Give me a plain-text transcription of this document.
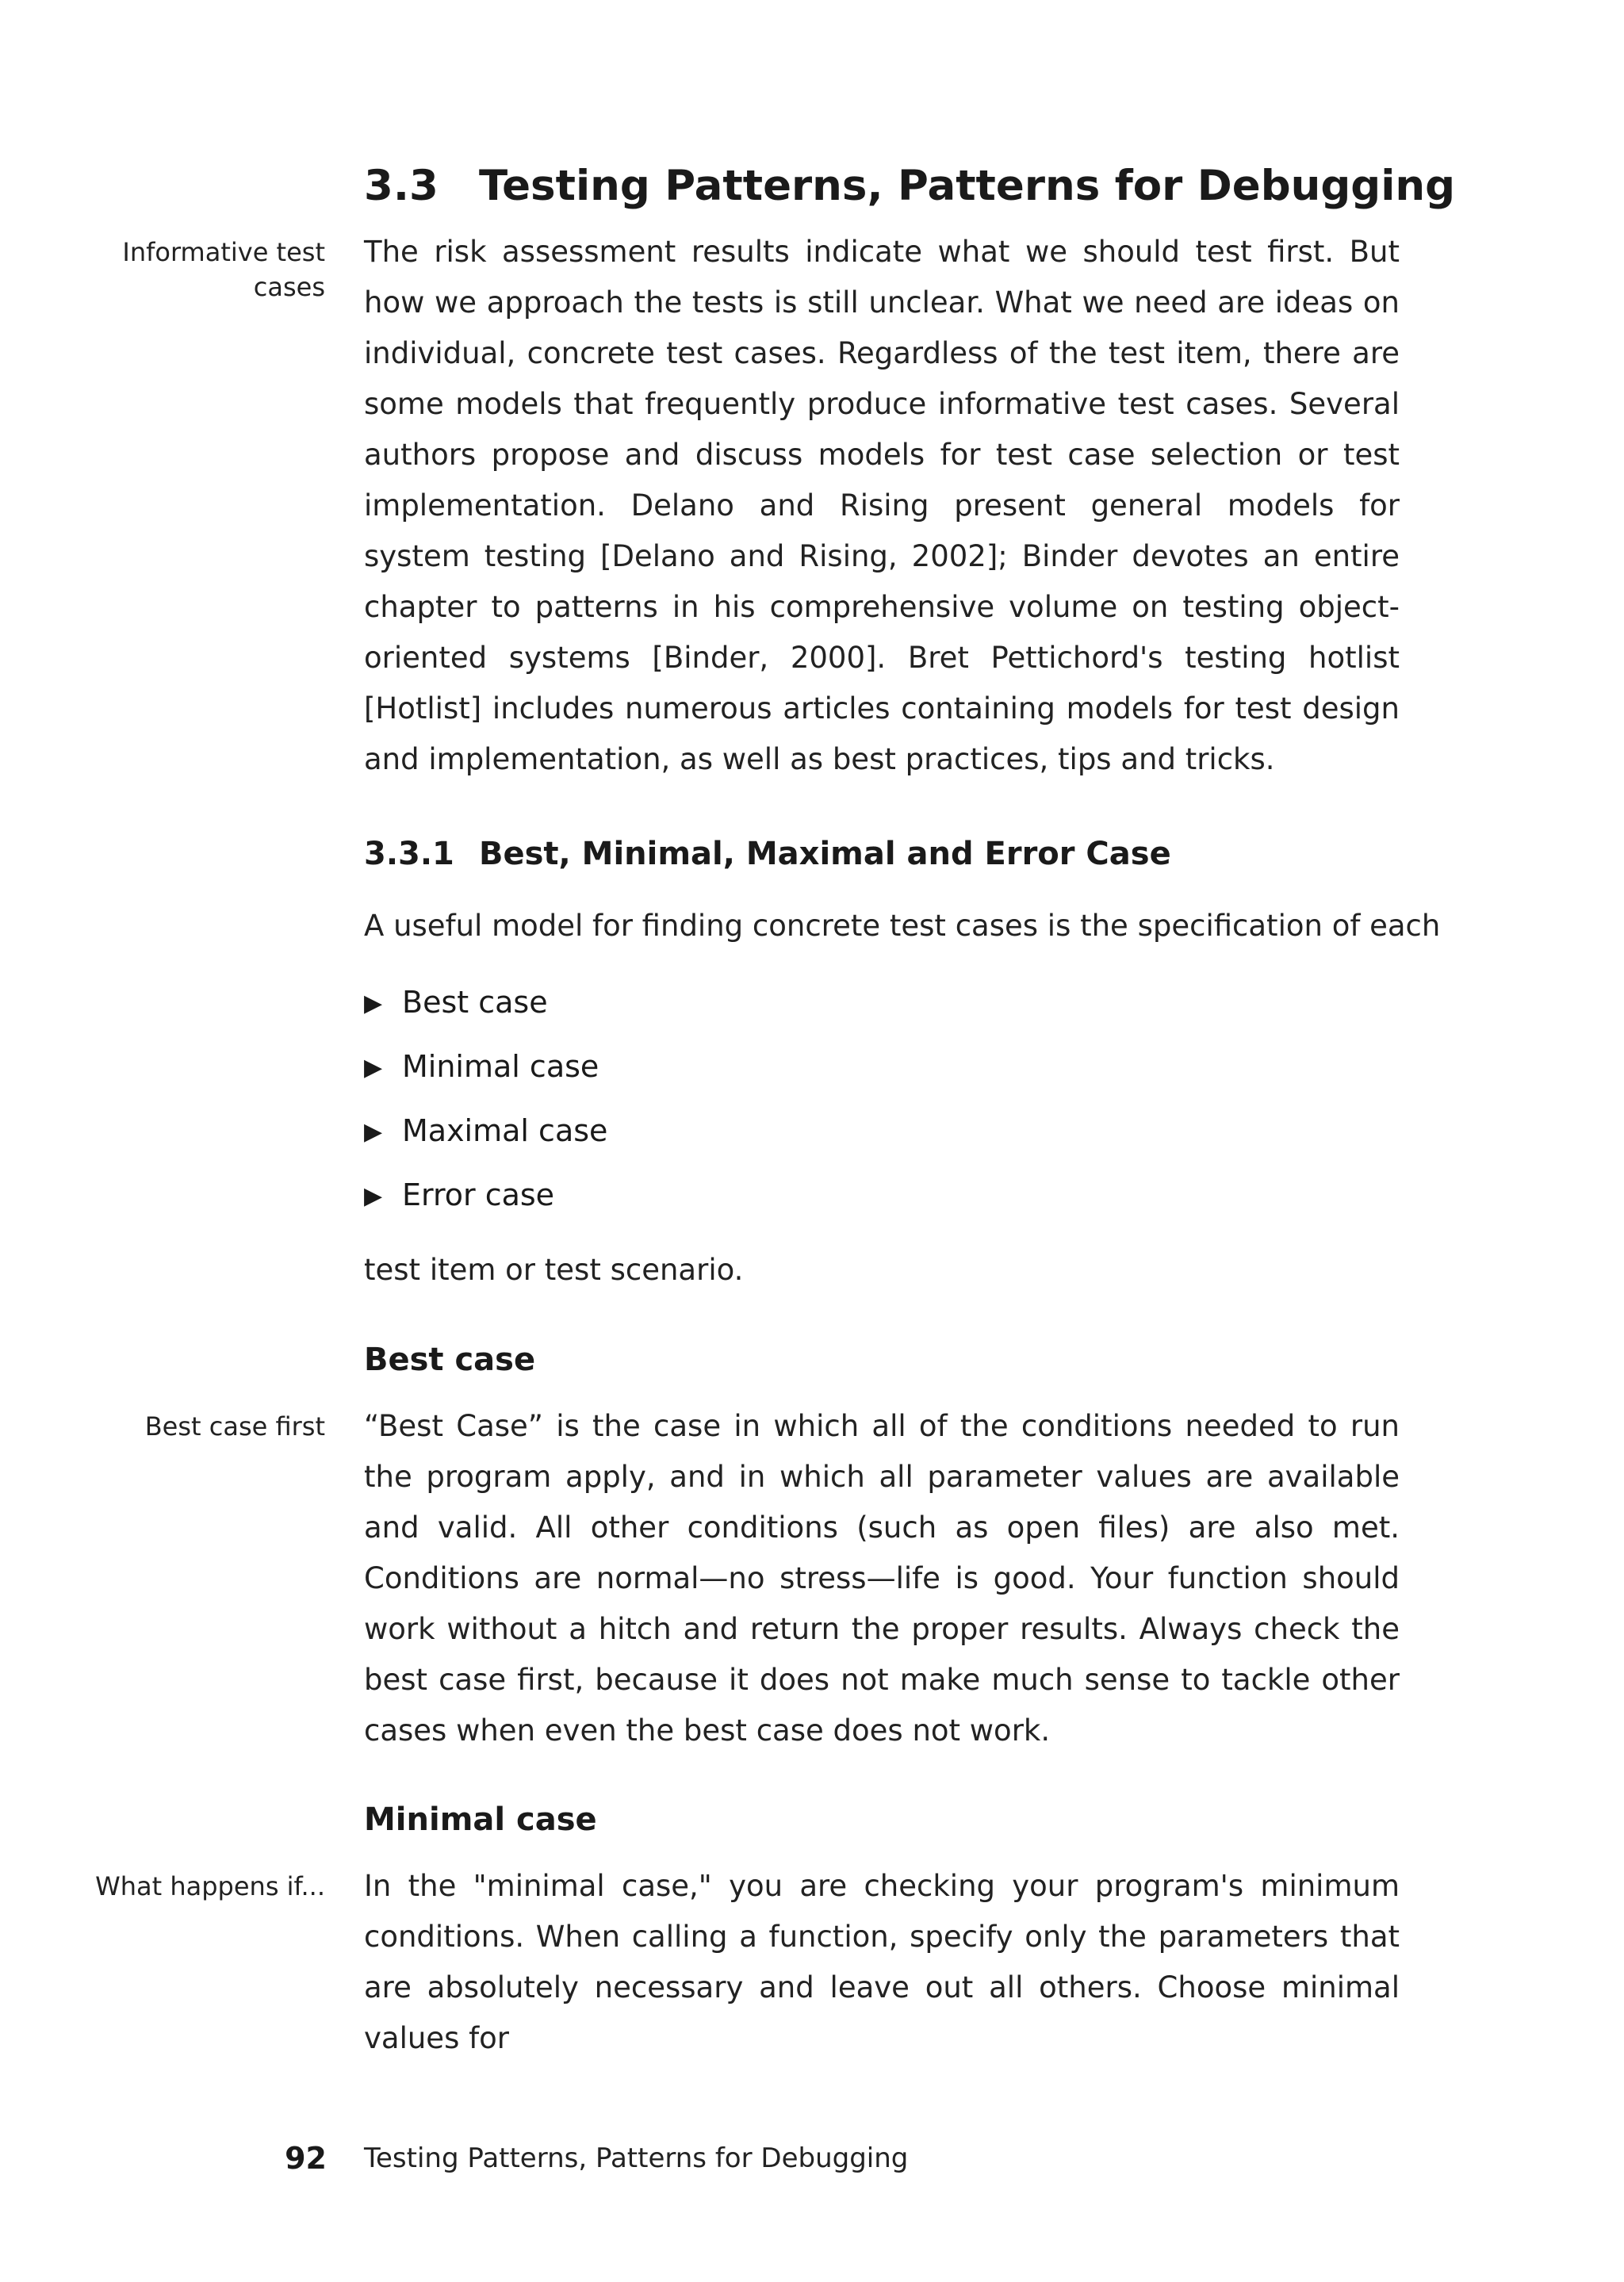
3.3 Testing Patterns, Patterns for Debugging

Informative test cases

The risk assessment results indicate what we should test first. But how we approach the tests is still unclear. What we need are ideas on individual, concrete test cases. Regardless of the test item, there are some models that frequently produce informative test cases. Several authors propose and discuss models for test case selection or test implementation. Delano and Rising present general models for system testing [Delano and Rising, 2002]; Binder devotes an entire chapter to patterns in his comprehensive volume on testing object-oriented systems [Binder, 2000]. Bret Pettichord's testing hotlist [Hotlist] includes numerous articles containing models for test design and implementation, as well as best practices, tips and tricks.

3.3.1 Best, Minimal, Maximal and Error Case

A useful model for finding concrete test cases is the specification of each

▶ Best case
▶ Minimal case
▶ Maximal case
▶ Error case

test item or test scenario.

Best case

Best case first “Best Case” is the case in which all of the conditions needed to run the program apply, and in which all parameter values are available and valid. All other conditions (such as open files) are also met. Conditions are normal—no stress—life is good. Your function should work without a hitch and return the proper results. Always check the best case first, because it does not make much sense to tackle other cases when even the best case does not work.

Minimal case

What happens if... In the "minimal case," you are checking your program's minimum conditions. When calling a function, specify only the parameters that are absolutely necessary and leave out all others. Choose minimal values for

92 Testing Patterns, Patterns for Debugging
